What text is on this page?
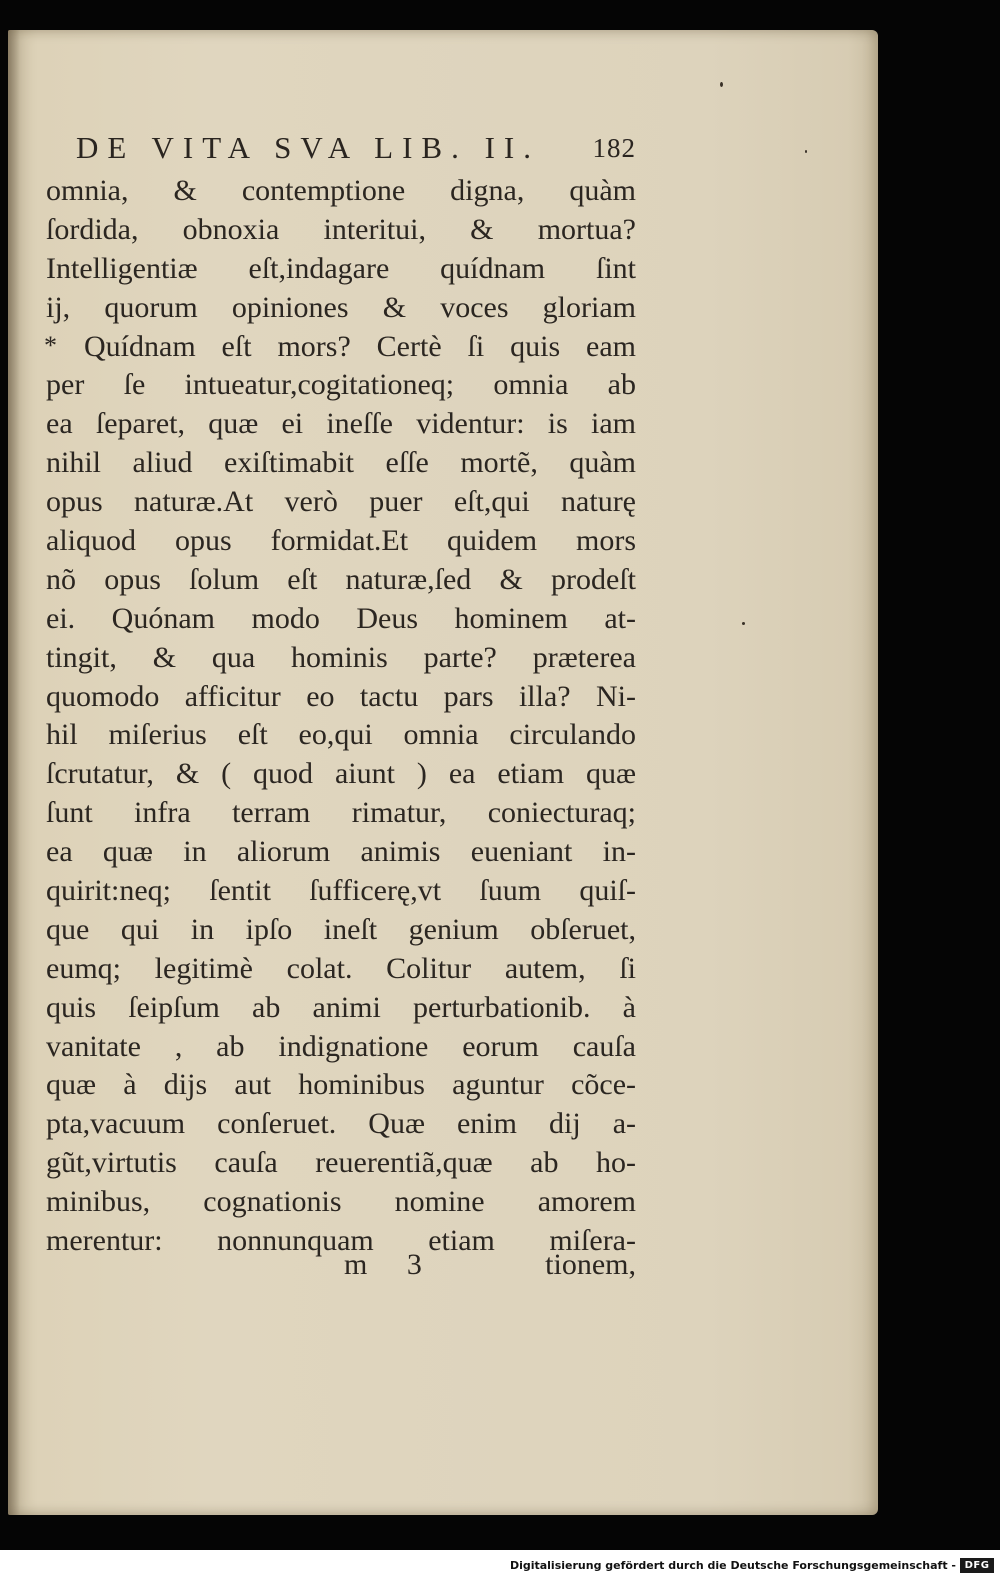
DE VITA SVA LIB. II. 182
*
omnia, & contemptione digna, quàm
ſordida, obnoxia interitui, & mortua?
Intelligentiæ eſt,indagare quídnam ſint
ij, quorum opiniones & voces gloriam
Quídnam eſt mors? Certè ſi quis eam
per ſe intueatur,cogitationeq; omnia ab
ea ſeparet, quæ ei ineſſe videntur: is iam
nihil aliud exiſtimabit eſſe mortẽ, quàm
opus naturæ.At verò puer eſt,qui naturę
aliquod opus formidat.Et quidem mors
nõ opus ſolum eſt naturæ,ſed & prodeſt
ei. Quónam modo Deus hominem at-
tingit, & qua hominis parte? præterea
quomodo afficitur eo tactu pars illa? Ni-
hil miſerius eſt eo,qui omnia circulando
ſcrutatur, & ( quod aiunt ) ea etiam quæ
ſunt infra terram rimatur, coniecturaq;
ea quæ in aliorum animis eueniant in-
quirit:neq; ſentit ſufficerę,vt ſuum quiſ-
que qui in ipſo ineſt genium obſeruet,
eumq; legitimè colat. Colitur autem, ſi
quis ſeipſum ab animi perturbationib. à
vanitate , ab indignatione eorum cauſa
quæ à dijs aut hominibus aguntur cõce-
pta,vacuum conſeruet. Quæ enim dij a-
gũt,virtutis cauſa reuerentiã,quæ ab ho-
minibus, cognationis nomine amorem
merentur: nonnunquam etiam miſera-
m 3	tionem,
Digitalisierung gefördert durch die Deutsche Forschungsgemeinschaft - DFG
